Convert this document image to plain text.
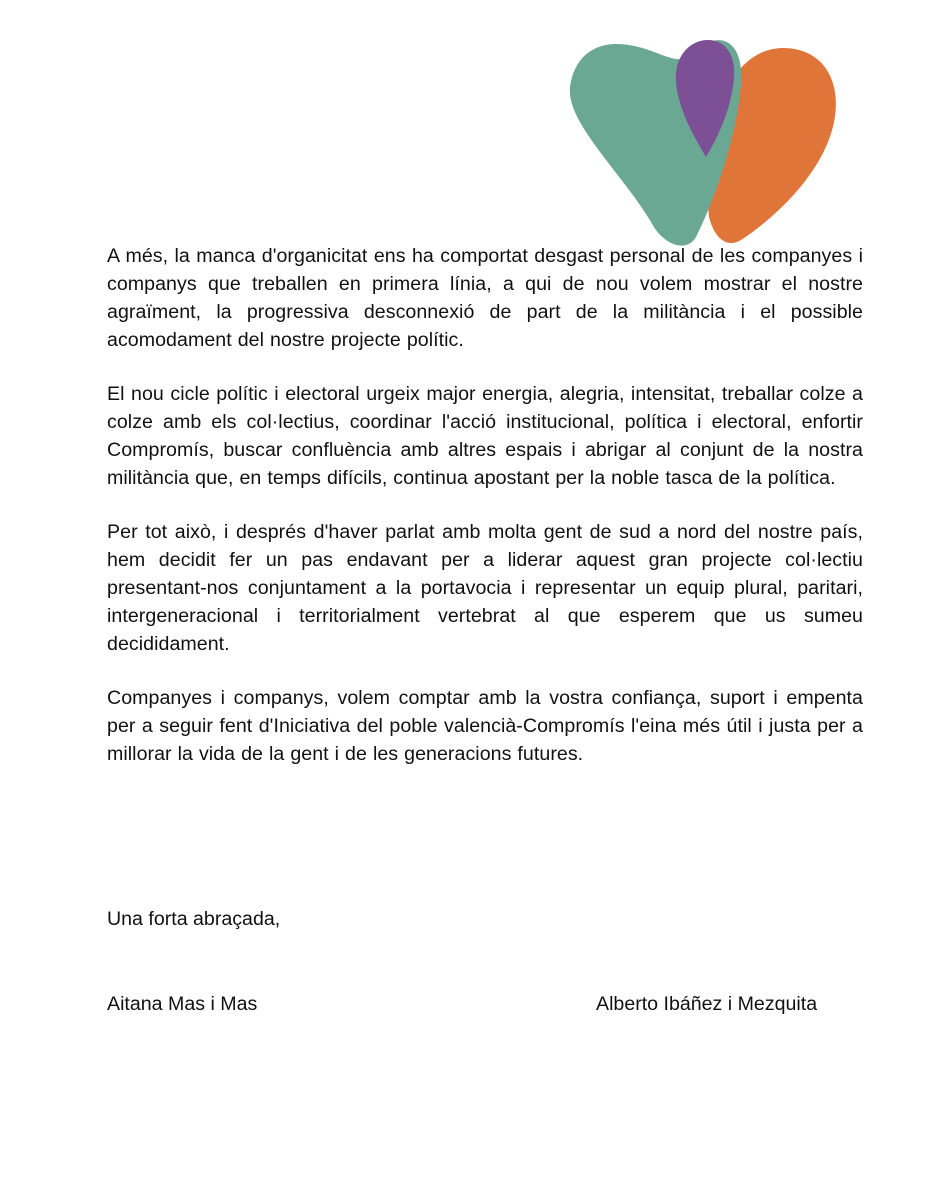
A més, la manca d'organicitat ens ha comportat desgast personal de les companyes i companys que treballen en primera línia, a qui de nou volem mostrar el nostre agraïment, la progressiva desconnexió de part de la militància i el possible acomodament del nostre projecte polític.

El nou cicle polític i electoral urgeix major energia, alegria, intensitat, treballar colze a colze amb els col·lectius, coordinar l'acció institucional, política i electoral, enfortir Compromís, buscar confluència amb altres espais i abrigar al conjunt de la nostra militància que, en temps difícils, continua apostant per la noble tasca de la política.

Per tot això, i després d'haver parlat amb molta gent de sud a nord del nostre país, hem decidit fer un pas endavant per a liderar aquest gran projecte col·lectiu presentant-nos conjuntament a la portavocia i representar un equip plural, paritari, intergeneracional i territorialment vertebrat al que esperem que us sumeu decididament.

Companyes i companys, volem comptar amb la vostra confiança, suport i empenta per a seguir fent d'Iniciativa del poble valencià-Compromís l'eina més útil i justa per a millorar la vida de la gent i de les generacions futures.

Una forta abraçada,
Aitana Mas i Mas	Alberto Ibáñez i Mezquita
